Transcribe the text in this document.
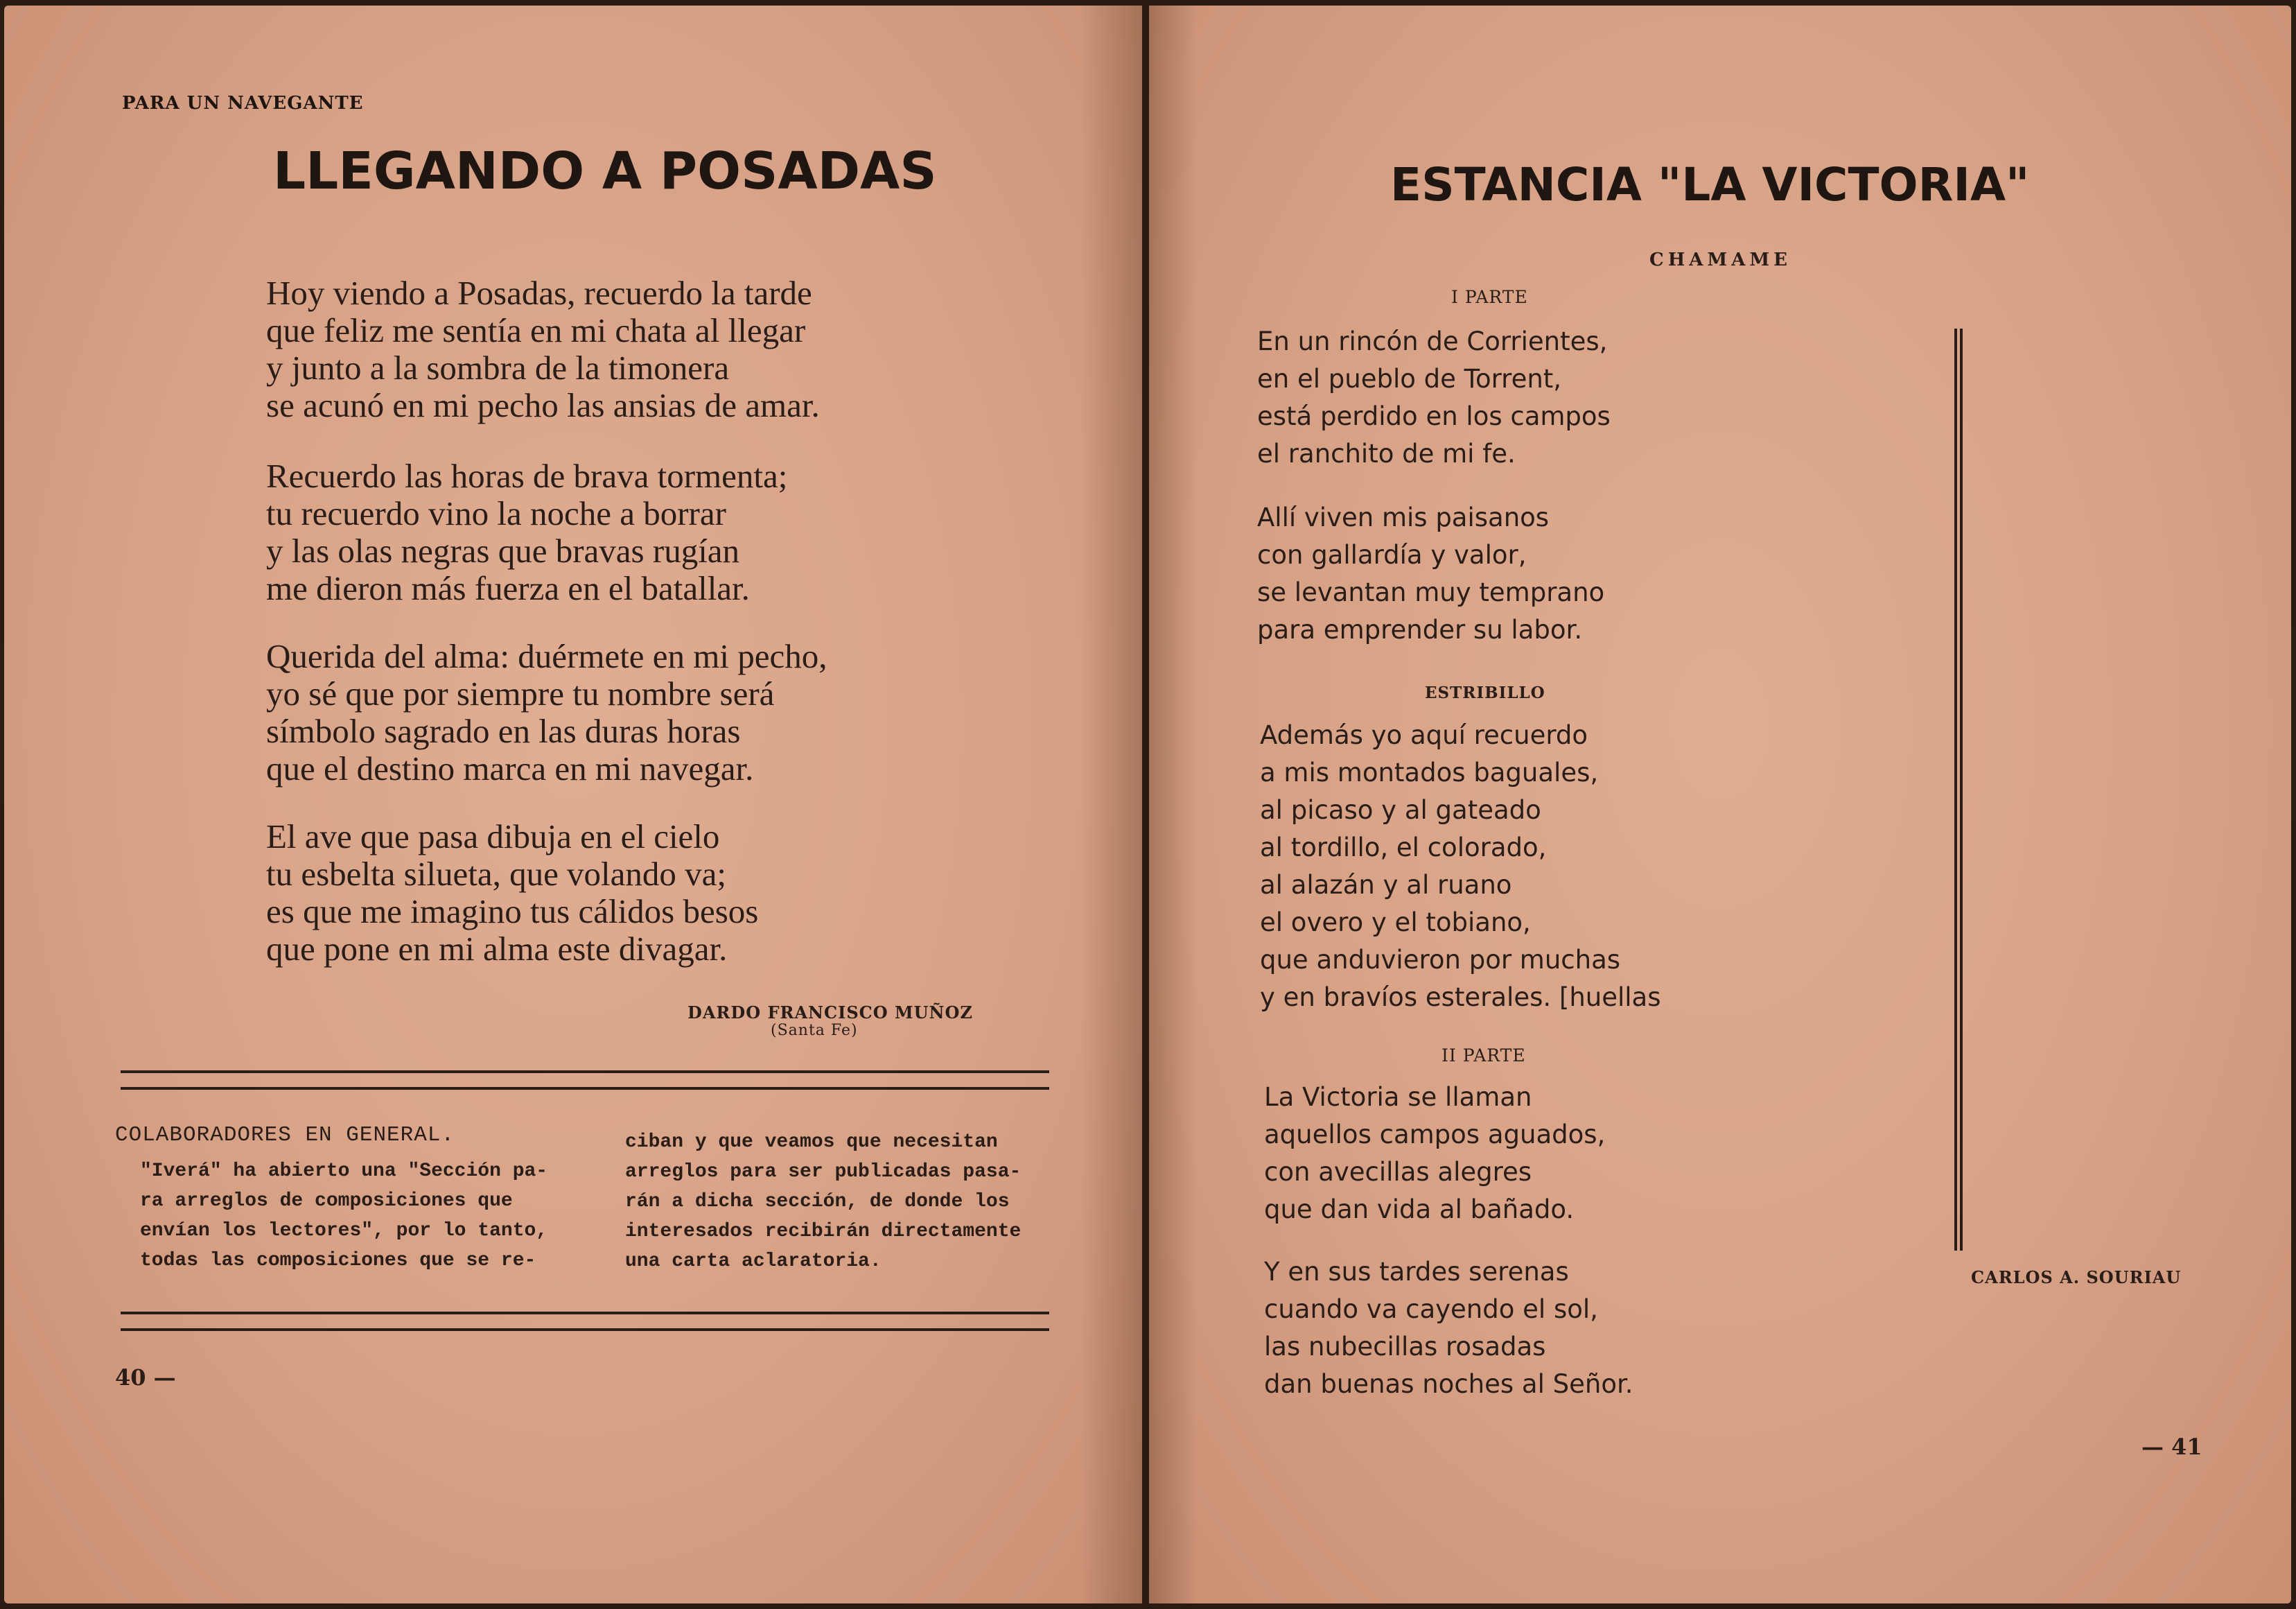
PARA UN NAVEGANTE
LLEGANDO A POSADAS
Hoy viendo a Posadas, recuerdo la tarde
que feliz me sentía en mi chata al llegar
y junto a la sombra de la timonera
se acunó en mi pecho las ansias de amar.
Recuerdo las horas de brava tormenta;
tu recuerdo vino la noche a borrar
y las olas negras que bravas rugían
me dieron más fuerza en el batallar.
Querida del alma: duérmete en mi pecho,
yo sé que por siempre tu nombre será
símbolo sagrado en las duras horas
que el destino marca en mi navegar.
El ave que pasa dibuja en el cielo
tu esbelta silueta, que volando va;
es que me imagino tus cálidos besos
que pone en mi alma este divagar.
DARDO FRANCISCO MUÑOZ
(Santa Fe)
COLABORADORES EN GENERAL.
"Iverá" ha abierto una "Sección pa-
ra arreglos de composiciones que
envían los lectores", por lo tanto,
todas las composiciones que se re-
ciban y que veamos que necesitan
arreglos para ser publicadas pasa-
rán a dicha sección, de donde los
interesados recibirán directamente
una carta aclaratoria.
40 —
ESTANCIA "LA VICTORIA"
CHAMAME
I PARTE
En un rincón de Corrientes,
en el pueblo de Torrent,
está perdido en los campos
el ranchito de mi fe.
Allí viven mis paisanos
con gallardía y valor,
se levantan muy temprano
para emprender su labor.
ESTRIBILLO
Además yo aquí recuerdo
a mis montados baguales,
al picaso y al gateado
al tordillo, el colorado,
al alazán y al ruano
el overo y el tobiano,
que anduvieron por muchas
y en bravíos esterales. [huellas
II PARTE
La Victoria se llaman
aquellos campos aguados,
con avecillas alegres
que dan vida al bañado.
Y en sus tardes serenas
cuando va cayendo el sol,
las nubecillas rosadas
dan buenas noches al Señor.
CARLOS A. SOURIAU
— 41
